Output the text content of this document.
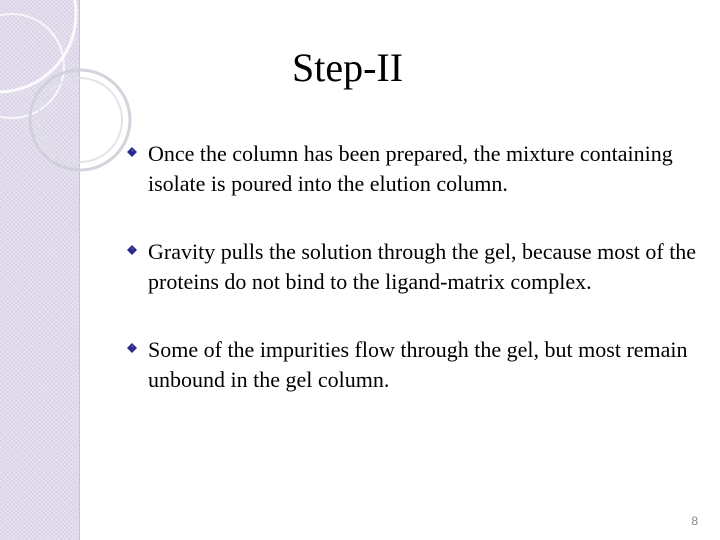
Step-II
Once the column has been prepared, the mixture containing isolate is poured into the elution column.
Gravity pulls the solution through the gel, because most of the proteins do not bind to the ligand-matrix complex.
Some of the impurities flow through the gel, but most remain unbound in the gel column.
8
